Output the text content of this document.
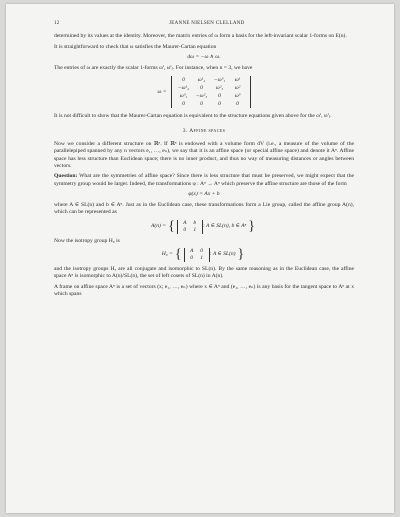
12	JEANNE NIELSEN CLELLAND

determined by its values at the identity. Moreover, the matrix entries of ω form a basis for the left-invariant scalar 1-forms on E(n).

It is straightforward to check that ω satisfies the Maurer-Cartan equation

dω = −ω ∧ ω.

The entries of ω are exactly the scalar 1-forms ωⁱ, ωⁱⱼ. For instance, when n = 3, we have

ω =
0	ω¹₂	−ω³₁	ω¹
−ω¹₂	0	ω²₃	ω²
ω³₁	−ω²₃	0	ω³
0	0	0	0

It is not difficult to show that the Maurer-Cartan equation is equivalent to the structure equations given above for the ωⁱ, ωⁱⱼ.

3. Affine spaces

Now we consider a different structure on ℝⁿ. If ℝⁿ is endowed with a volume form dV (i.e., a measure of the volume of the parallelepiped spanned by any n vectors e₁, …, eₙ), we say that it is an affine space (or special affine space) and denote it Aⁿ. Affine space has less structure than Euclidean space; there is no inner product, and thus no way of measuring distances or angles between vectors.

Question: What are the symmetries of affine space? Since there is less structure that must be preserved, we might expect that the symmetry group would be larger. Indeed, the transformations φ : Aⁿ → Aⁿ which preserve the affine structure are those of the form

φ(x) = Ax + b

where A ∈ SL(n) and b ∈ Aⁿ. Just as in the Euclidean case, these transformations form a Lie group, called the affine group A(n), which can be represented as

A(n) = {	A	b
0	1
: A ∈ SL(n), b ∈ Aⁿ }

Now the isotropy group H₀ is

H₀ = {	A	0
0	1
: A ∈ SL(n) }

and the isotropy groups Hₓ are all conjugate and isomorphic to SL(n). By the same reasoning as in the Euclidean case, the affine space Aⁿ is isomorphic to A(n)/SL(n), the set of left cosets of SL(n) in A(n).

A frame on affine space Aⁿ is a set of vectors (x; e₁, …, eₙ) where x ∈ Aⁿ and (e₁, …, eₙ) is any basis for the tangent space to Aⁿ at x which spans
